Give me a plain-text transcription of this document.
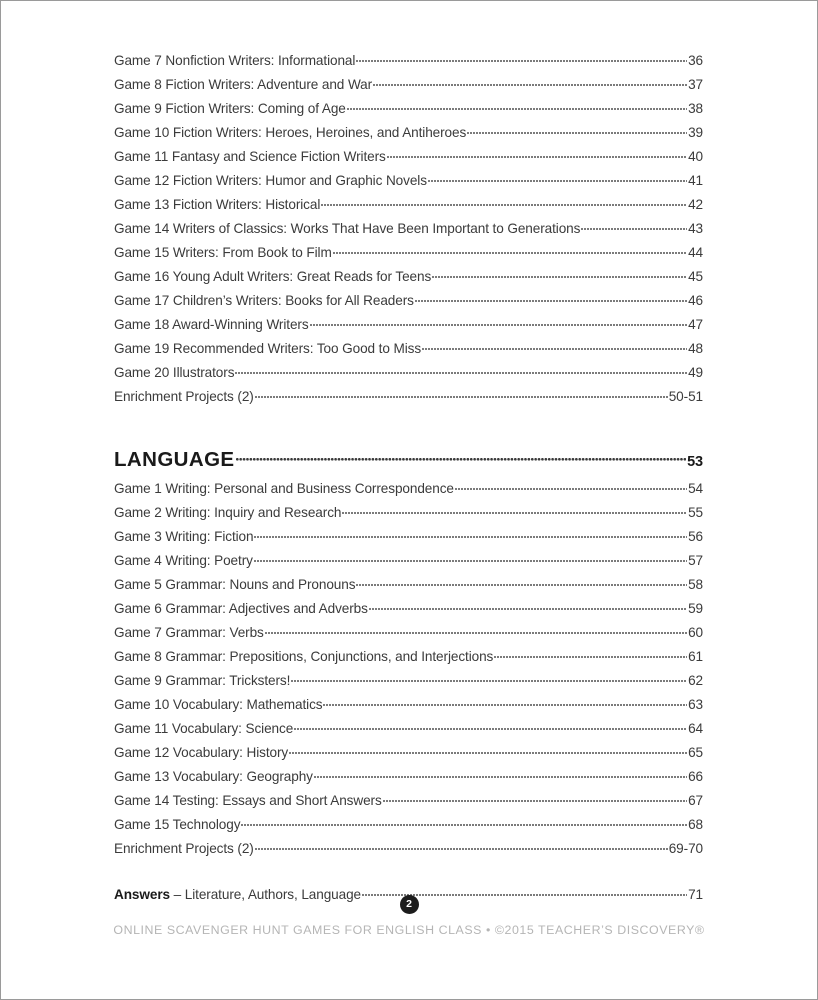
Game 7 Nonfiction Writers: Informational	36
Game 8 Fiction Writers: Adventure and War	37
Game 9 Fiction Writers: Coming of Age	38
Game 10 Fiction Writers: Heroes, Heroines, and Antiheroes	39
Game 11 Fantasy and Science Fiction Writers	40
Game 12 Fiction Writers: Humor and Graphic Novels	41
Game 13 Fiction Writers: Historical	42
Game 14 Writers of Classics: Works That Have Been Important to Generations	43
Game 15 Writers: From Book to Film	44
Game 16 Young Adult Writers: Great Reads for Teens	45
Game 17 Children’s Writers: Books for All Readers	46
Game 18 Award-Winning Writers	47
Game 19 Recommended Writers: Too Good to Miss	48
Game 20 Illustrators	49
Enrichment Projects (2)	50-51
LANGUAGE	53
Game 1 Writing: Personal and Business Correspondence	54
Game 2 Writing: Inquiry and Research	55
Game 3 Writing: Fiction	56
Game 4 Writing: Poetry	57
Game 5 Grammar: Nouns and Pronouns	58
Game 6 Grammar: Adjectives and Adverbs	59
Game 7 Grammar: Verbs	60
Game 8 Grammar: Prepositions, Conjunctions, and Interjections	61
Game 9 Grammar: Tricksters!	62
Game 10 Vocabulary: Mathematics	63
Game 11 Vocabulary: Science	64
Game 12 Vocabulary: History	65
Game 13 Vocabulary: Geography	66
Game 14 Testing: Essays and Short Answers	67
Game 15 Technology	68
Enrichment Projects (2)	69-70
Answers – Literature, Authors, Language	71
2
ONLINE SCAVENGER HUNT GAMES FOR ENGLISH CLASS • ©2015 TEACHER’S DISCOVERY®
